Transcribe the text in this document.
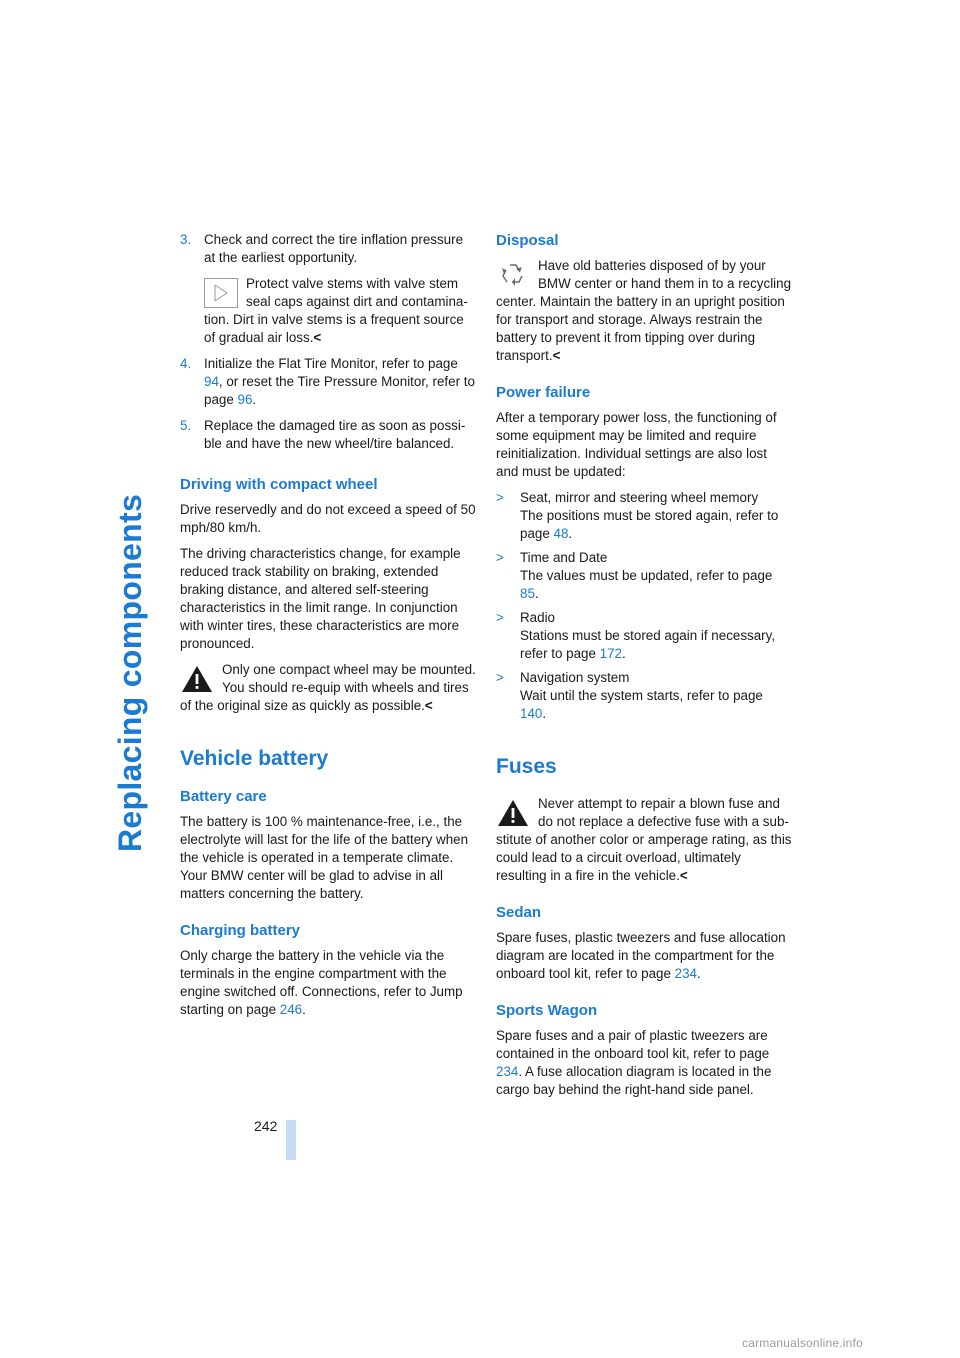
Replacing components
3. Check and correct the tire inflation pressure at the earliest opportunity.
Protect valve stems with valve stem seal caps against dirt and contamination. Dirt in valve stems is a frequent source of gradual air loss.<
4. Initialize the Flat Tire Monitor, refer to page 94, or reset the Tire Pressure Monitor, refer to page 96.
5. Replace the damaged tire as soon as possible and have the new wheel/tire balanced.
Driving with compact wheel

Drive reservedly and do not exceed a speed of 50 mph/80 km/h.

The driving characteristics change, for example reduced track stability on braking, extended braking distance, and altered self-steering characteristics in the limit range. In conjunction with winter tires, these characteristics are more pronounced.

Only one compact wheel may be mounted. You should re-equip with wheels and tires of the original size as quickly as possible.<
Vehicle battery
Battery care

The battery is 100 % maintenance-free, i.e., the electrolyte will last for the life of the battery when the vehicle is operated in a temperate climate. Your BMW center will be glad to advise in all matters concerning the battery.

Charging battery

Only charge the battery in the vehicle via the terminals in the engine compartment with the engine switched off. Connections, refer to Jump starting on page 246.

Disposal
Have old batteries disposed of by your BMW center or hand them in to a recycling center. Maintain the battery in an upright position for transport and storage. Always restrain the battery to prevent it from tipping over during transport.<
Power failure

After a temporary power loss, the functioning of some equipment may be limited and require reinitialization. Individual settings are also lost and must be updated:

> Seat, mirror and steering wheel memory
The positions must be stored again, refer to page 48.
> Time and Date
The values must be updated, refer to page 85.
> Radio
Stations must be stored again if necessary, refer to page 172.
> Navigation system
Wait until the system starts, refer to page 140.
Fuses
Never attempt to repair a blown fuse and do not replace a defective fuse with a substitute of another color or amperage rating, as this could lead to a circuit overload, ultimately resulting in a fire in the vehicle.<
Sedan

Spare fuses, plastic tweezers and fuse allocation diagram are located in the compartment for the onboard tool kit, refer to page 234.

Sports Wagon

Spare fuses and a pair of plastic tweezers are contained in the onboard tool kit, refer to page 234. A fuse allocation diagram is located in the cargo bay behind the right-hand side panel.

242
carmanualsonline.info
